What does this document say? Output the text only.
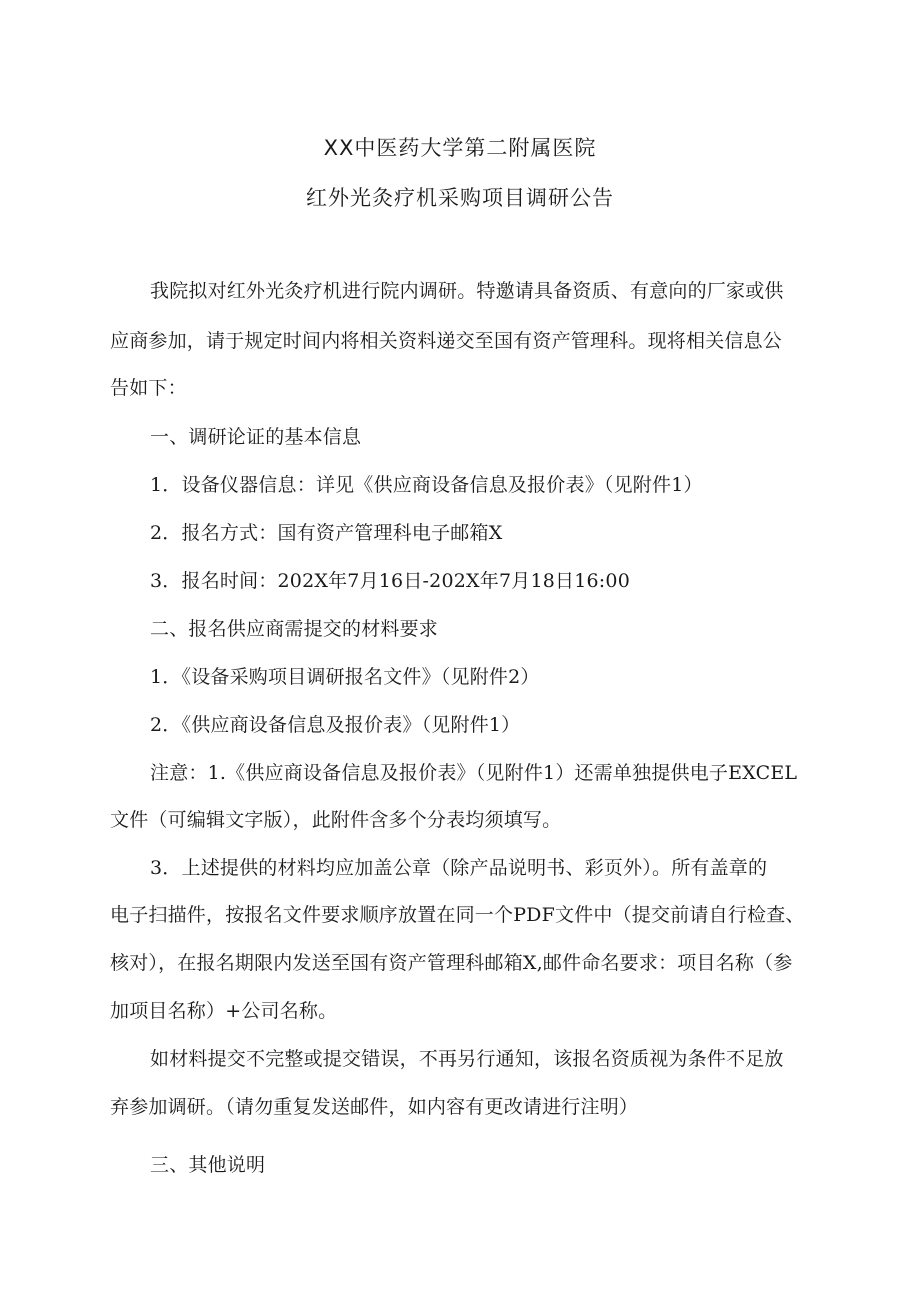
XX中医药大学第二附属医院
红外光灸疗机采购项目调研公告
我院拟对红外光灸疗机进行院内调研。特邀请具备资质、有意向的厂家或供
应商参加，请于规定时间内将相关资料递交至国有资产管理科。现将相关信息公
告如下：
一、调研论证的基本信息
1．设备仪器信息：详见《供应商设备信息及报价表》（见附件1）
2．报名方式：国有资产管理科电子邮箱X
3．报名时间：202X年7月16日-202X年7月18日16:00
二、报名供应商需提交的材料要求
1．《设备采购项目调研报名文件》（见附件2）
2．《供应商设备信息及报价表》（见附件1）
注意：1.《供应商设备信息及报价表》（见附件1）还需单独提供电子EXCEL
文件（可编辑文字版），此附件含多个分表均须填写。
3．上述提供的材料均应加盖公章（除产品说明书、彩页外）。所有盖章的
电子扫描件，按报名文件要求顺序放置在同一个PDF文件中（提交前请自行检查、
核对），在报名期限内发送至国有资产管理科邮箱X,邮件命名要求：项目名称（参
加项目名称）+公司名称。
如材料提交不完整或提交错误，不再另行通知，该报名资质视为条件不足放
弃参加调研。（请勿重复发送邮件，如内容有更改请进行注明）
三、其他说明
